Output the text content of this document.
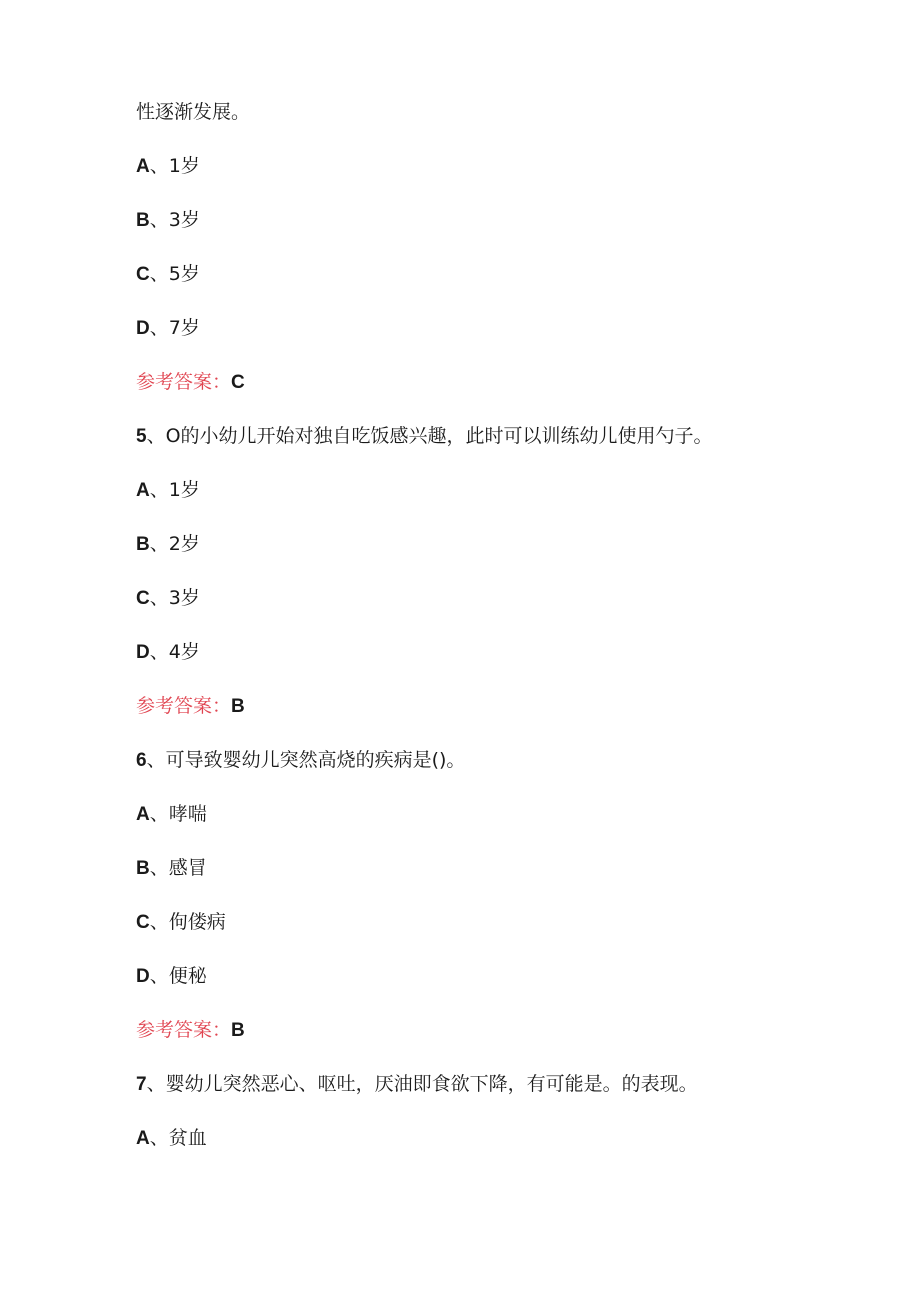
性逐渐发展。
A、1岁
B、3岁
C、5岁
D、7岁
参考答案：C
5、O的小幼儿开始对独自吃饭感兴趣，此时可以训练幼儿使用勺子。
A、1岁
B、2岁
C、3岁
D、4岁
参考答案：B
6、可导致婴幼儿突然高烧的疾病是()。
A、哮喘
B、感冒
C、佝偻病
D、便秘
参考答案：B
7、婴幼儿突然恶心、呕吐，厌油即食欲下降，有可能是。的表现。
A、贫血
